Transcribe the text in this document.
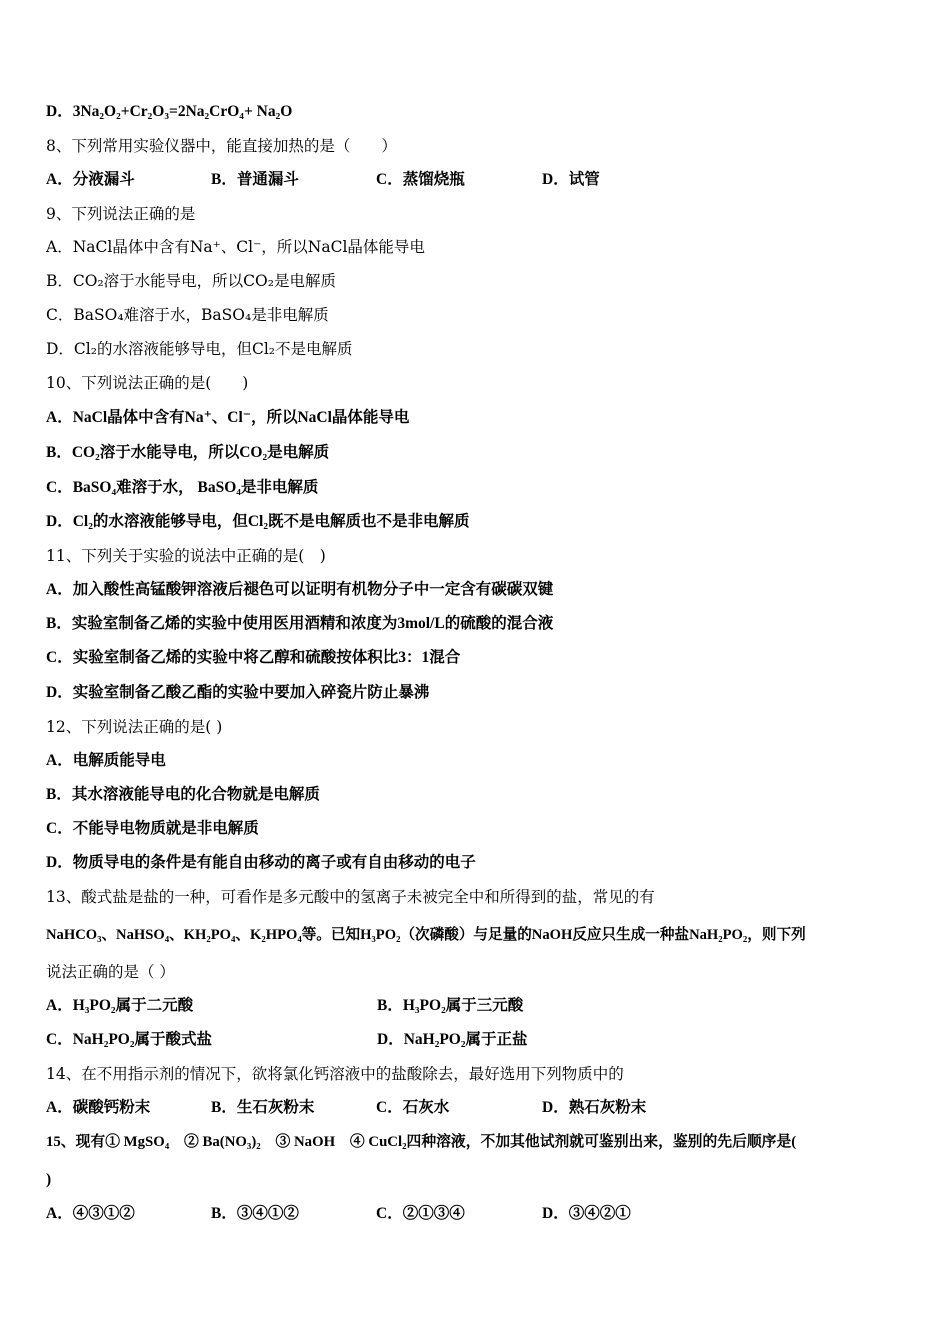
D．3Na₂O₂+Cr₂O₃=2Na₂CrO₄+ Na₂O
8、下列常用实验仪器中，能直接加热的是（　　）
A．分液漏斗	B．普通漏斗	C．蒸馏烧瓶	D．试管
9、下列说法正确的是
A．NaCl晶体中含有Na⁺、Cl⁻，所以NaCl晶体能导电
B．CO₂溶于水能导电，所以CO₂是电解质
C．BaSO₄难溶于水，BaSO₄是非电解质
D．Cl₂的水溶液能够导电，但Cl₂不是电解质
10、下列说法正确的是(　　)
A．NaCl晶体中含有Na⁺、Cl⁻，所以NaCl晶体能导电
B．CO₂溶于水能导电，所以CO₂是电解质
C．BaSO₄难溶于水， BaSO₄是非电解质
D．Cl₂的水溶液能够导电，但Cl₂既不是电解质也不是非电解质
11、下列关于实验的说法中正确的是(　)
A．加入酸性高锰酸钾溶液后褪色可以证明有机物分子中一定含有碳碳双键
B．实验室制备乙烯的实验中使用医用酒精和浓度为3mol/L的硫酸的混合液
C．实验室制备乙烯的实验中将乙醇和硫酸按体积比3：1混合
D．实验室制备乙酸乙酯的实验中要加入碎瓷片防止暴沸
12、下列说法正确的是( )
A．电解质能导电
B．其水溶液能导电的化合物就是电解质
C．不能导电物质就是非电解质
D．物质导电的条件是有能自由移动的离子或有自由移动的电子
13、酸式盐是盐的一种，可看作是多元酸中的氢离子未被完全中和所得到的盐，常见的有
NaHCO₃、NaHSO₄、KH₂PO₄、K₂HPO₄等。已知H₃PO₂（次磷酸）与足量的NaOH反应只生成一种盐NaH₂PO₂，则下列
说法正确的是（ ）
A．H₃PO₂属于二元酸	B．H₃PO₂属于三元酸
C．NaH₂PO₂属于酸式盐	D．NaH₂PO₂属于正盐
14、在不用指示剂的情况下，欲将氯化钙溶液中的盐酸除去，最好选用下列物质中的
A．碳酸钙粉末	B．生石灰粉末	C．石灰水	D．熟石灰粉末
15、现有① MgSO₄　② Ba(NO₃)₂　③ NaOH　④ CuCl₂四种溶液，不加其他试剂就可鉴别出来，鉴别的先后顺序是(
)
A．④③①②	B．③④①②	C．②①③④	D．③④②①
